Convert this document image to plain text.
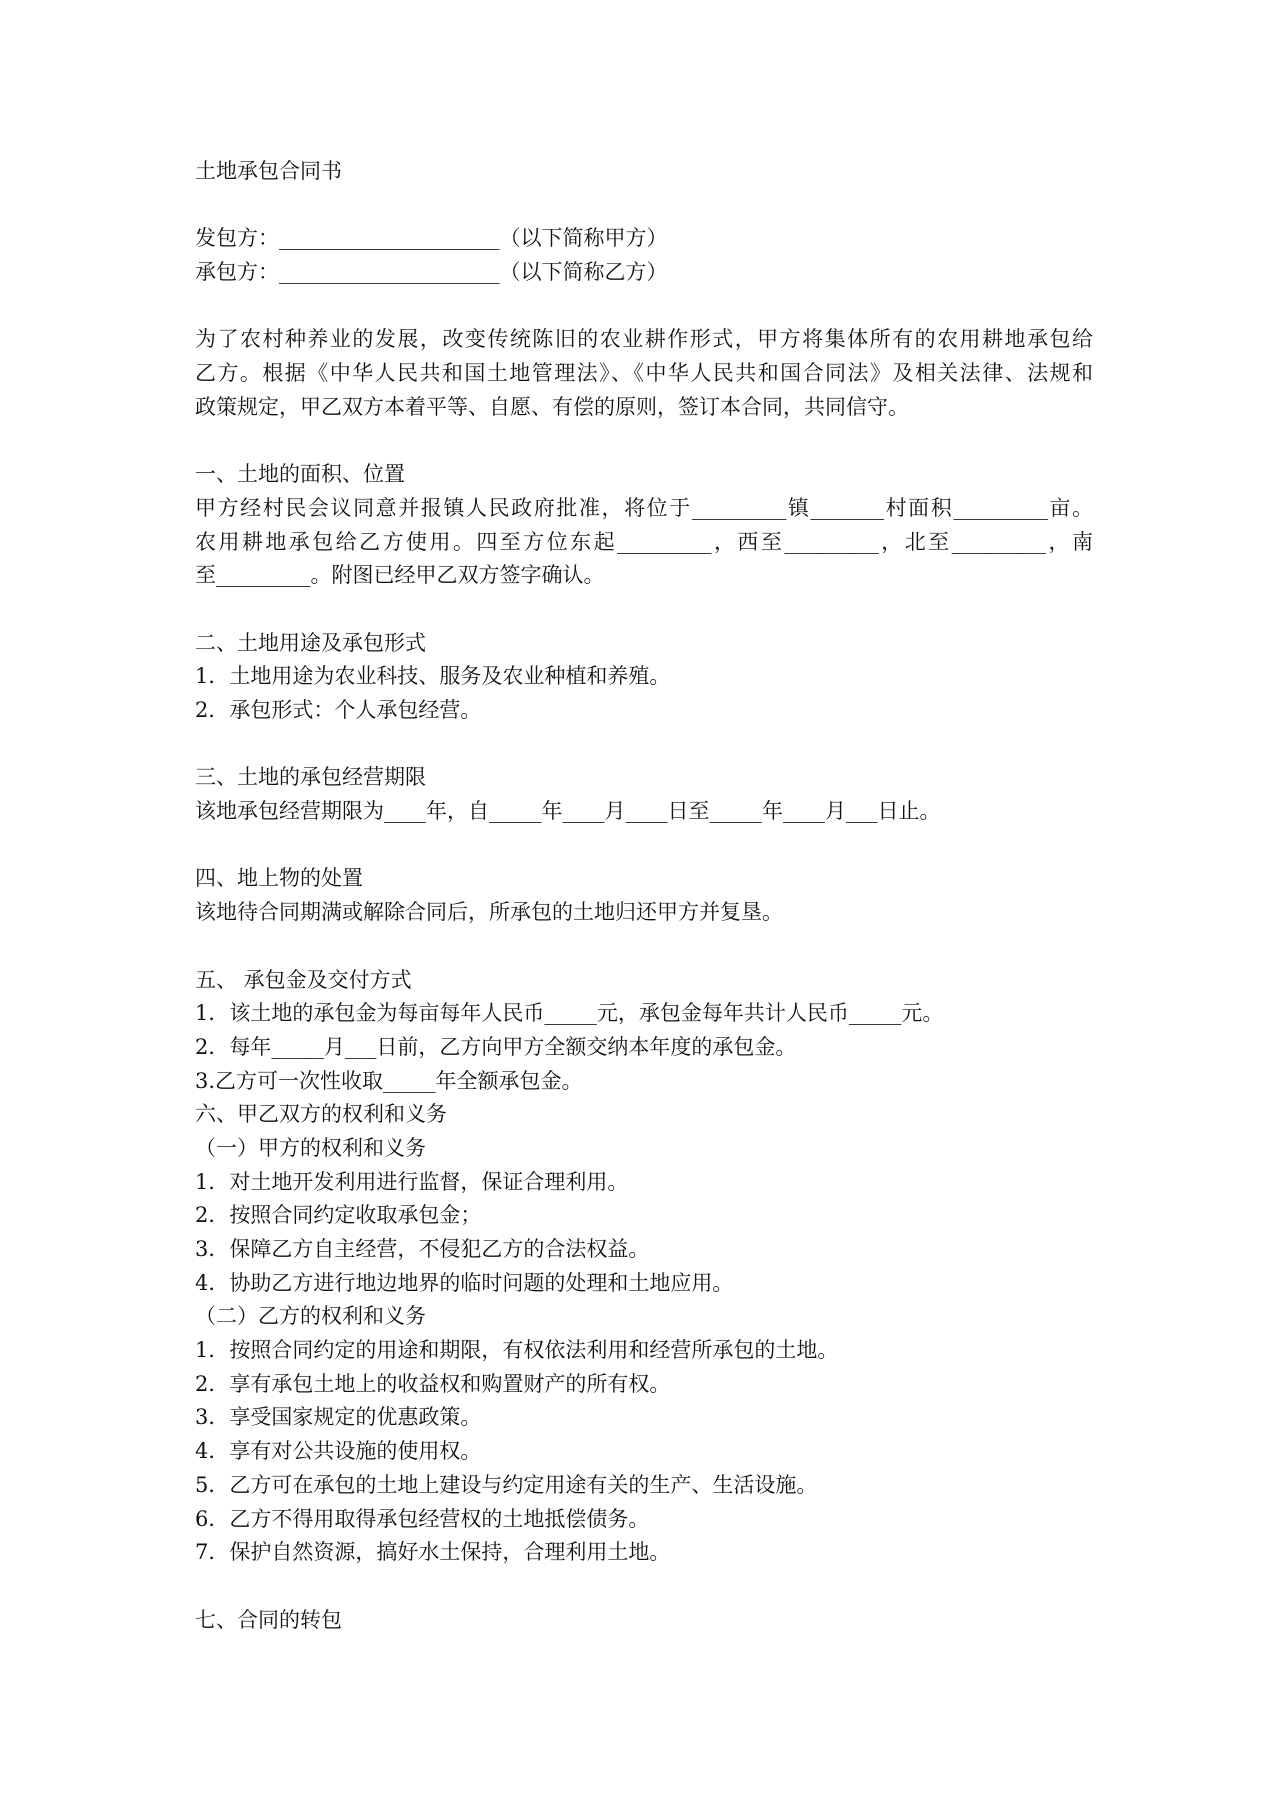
土地承包合同书
发包方：_____________________（以下简称甲方）
承包方：_____________________（以下简称乙方）
为了农村种养业的发展，改变传统陈旧的农业耕作形式，甲方将集体所有的农用耕地承包给
乙方。根据《中华人民共和国土地管理法》、《中华人民共和国合同法》及相关法律、法规和
政策规定，甲乙双方本着平等、自愿、有偿的原则，签订本合同，共同信守。
一、土地的面积、位置
甲方经村民会议同意并报镇人民政府批准，将位于_________镇_______村面积_________亩。
农用耕地承包给乙方使用。四至方位东起_________，西至_________，北至_________，南
至_________。附图已经甲乙双方签字确认。
二、土地用途及承包形式
1．土地用途为农业科技、服务及农业种植和养殖。
2．承包形式：个人承包经营。
三、土地的承包经营期限
该地承包经营期限为____年，自_____年____月____日至_____年____月___日止。
四、地上物的处置
该地待合同期满或解除合同后，所承包的土地归还甲方并复垦。
五、 承包金及交付方式
1．该土地的承包金为每亩每年人民币_____元，承包金每年共计人民币_____元。
2．每年_____月___日前，乙方向甲方全额交纳本年度的承包金。
3.乙方可一次性收取_____年全额承包金。
六、甲乙双方的权利和义务
（一）甲方的权利和义务
1．对土地开发利用进行监督，保证合理利用。
2．按照合同约定收取承包金；
3．保障乙方自主经营，不侵犯乙方的合法权益。
4．协助乙方进行地边地界的临时问题的处理和土地应用。
（二）乙方的权利和义务
1．按照合同约定的用途和期限，有权依法利用和经营所承包的土地。
2．享有承包土地上的收益权和购置财产的所有权。
3．享受国家规定的优惠政策。
4．享有对公共设施的使用权。
5．乙方可在承包的土地上建设与约定用途有关的生产、生活设施。
6．乙方不得用取得承包经营权的土地抵偿债务。
7．保护自然资源，搞好水土保持，合理利用土地。
七、合同的转包
